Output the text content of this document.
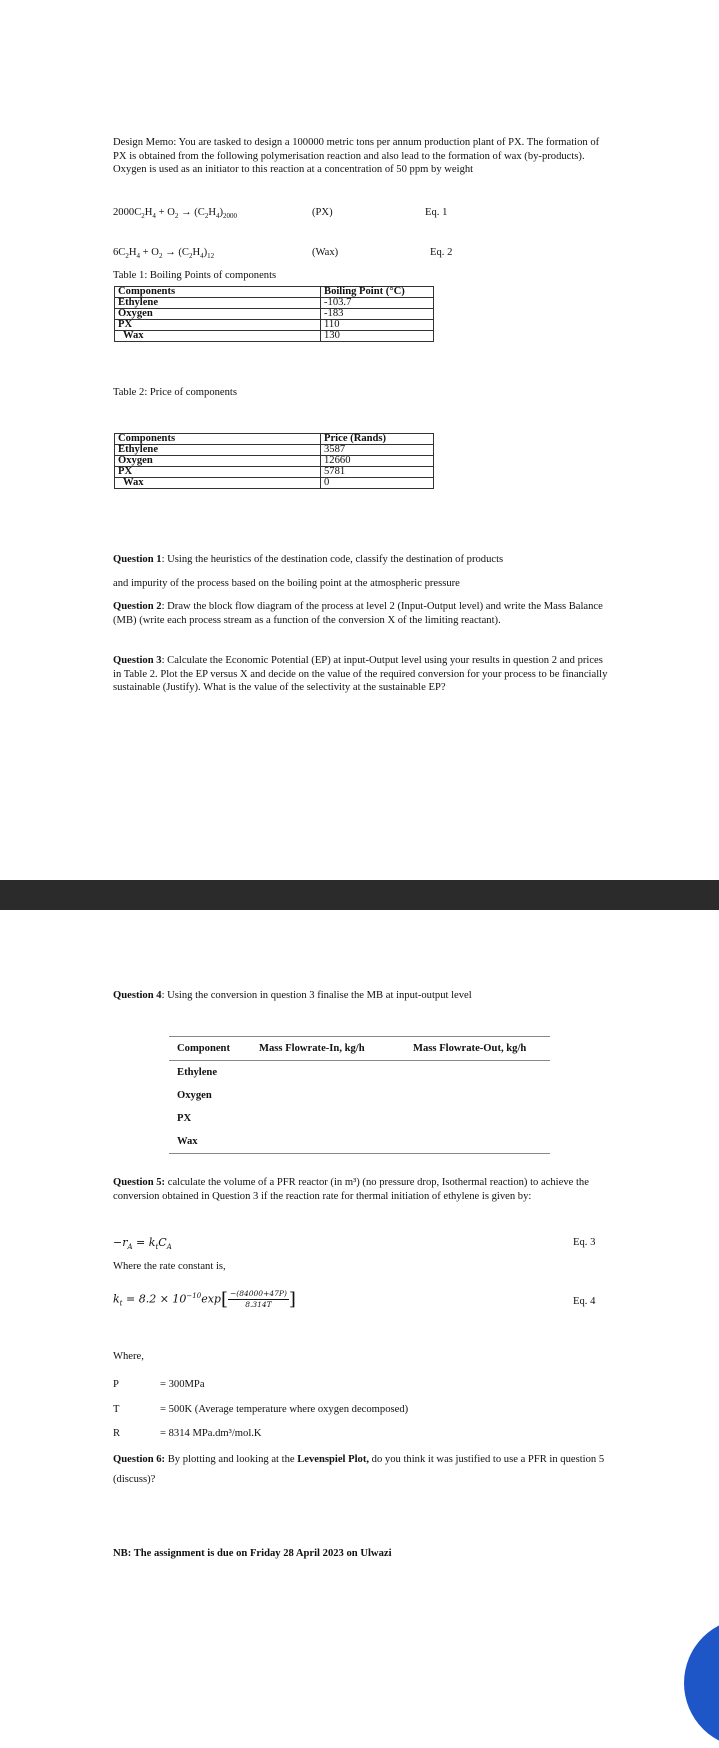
Design Memo: You are tasked to design a 100000 metric tons per annum production plant of PX. The formation of PX is obtained from the following polymerisation reaction and also lead to the formation of wax (by-products). Oxygen is used as an initiator to this reaction at a concentration of 50 ppm by weight
$2000C_2H_4 + O_2 \to (C_2H_4)_{2000}$	(PX)	Eq. 1
$6C_2H_4 + O_2 \to (C_2H_4)_{12}$	(Wax)	Eq. 2
Table 1: Boiling Points of components
Components	Boiling Point (°C)
Ethylene	-103.7
Oxygen	-183
PX	110
Wax	130
Table 2: Price of components
Components	Price (Rands)
Ethylene	3587
Oxygen	12660
PX	5781
Wax	0
Question 1: Using the heuristics of the destination code, classify the destination of products
and impurity of the process based on the boiling point at the atmospheric pressure
Question 2: Draw the block flow diagram of the process at level 2 (Input-Output level) and write the Mass Balance (MB) (write each process stream as a function of the conversion X of the limiting reactant).
Question 3: Calculate the Economic Potential (EP) at input-Output level using your results in question 2 and prices in Table 2. Plot the EP versus X and decide on the value of the required conversion for your process to be financially sustainable (Justify). What is the value of the selectivity at the sustainable EP?
Question 4: Using the conversion in question 3 finalise the MB at input-output level
Component	Mass Flowrate-In, kg/h	Mass Flowrate-Out, kg/h
Ethylene		
Oxygen		
PX		
Wax		
Question 5: calculate the volume of a PFR reactor (in m³) (no pressure drop, Isothermal reaction) to achieve the conversion obtained in Question 3 if the reaction rate for thermal initiation of ethylene is given by:
$-r_A = k_tC_A$	Eq. 3
Where the rate constant is,
$k_t = 8.2 \times 10^{-10}\exp[ \frac{-(84000+47P)}{8.314T}$ ]	Eq. 4
Where,
P	= 300MPa
T	= 500K (Average temperature where oxygen decomposed)
R	= 8314 MPa.dm³/mol.K
Question 6: By plotting and looking at the Levenspiel Plot, do you think it was justified to use a PFR in question 5 (discuss)?
NB: The assignment is due on Friday 28 April 2023 on Ulwazi
